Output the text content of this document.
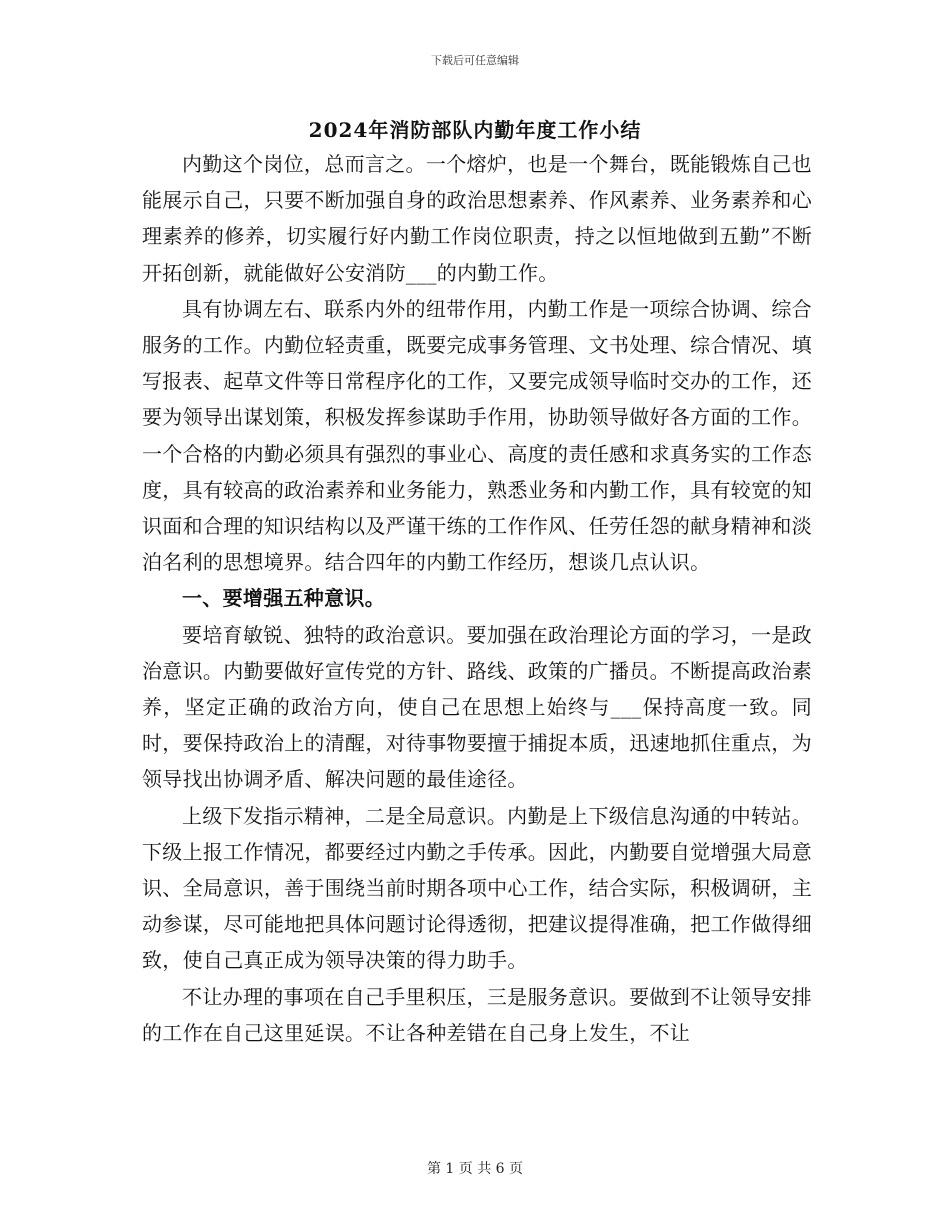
下载后可任意编辑
2024年消防部队内勤年度工作小结

内勤这个岗位，总而言之。一个熔炉，也是一个舞台，既能锻炼自己也能展示自己，只要不断加强自身的政治思想素养、作风素养、业务素养和心理素养的修养，切实履行好内勤工作岗位职责，持之以恒地做到五勤”不断开拓创新，就能做好公安消防___的内勤工作。

具有协调左右、联系内外的纽带作用，内勤工作是一项综合协调、综合服务的工作。内勤位轻责重，既要完成事务管理、文书处理、综合情况、填写报表、起草文件等日常程序化的工作，又要完成领导临时交办的工作，还要为领导出谋划策，积极发挥参谋助手作用，协助领导做好各方面的工作。一个合格的内勤必须具有强烈的事业心、高度的责任感和求真务实的工作态度，具有较高的政治素养和业务能力，熟悉业务和内勤工作，具有较宽的知识面和合理的知识结构以及严谨干练的工作作风、任劳任怨的献身精神和淡泊名利的思想境界。结合四年的内勤工作经历，想谈几点认识。

一、要增强五种意识。

要培育敏锐、独特的政治意识。要加强在政治理论方面的学习，一是政治意识。内勤要做好宣传党的方针、路线、政策的广播员。不断提高政治素养，坚定正确的政治方向，使自己在思想上始终与___保持高度一致。同时，要保持政治上的清醒，对待事物要擅于捕捉本质，迅速地抓住重点，为领导找出协调矛盾、解决问题的最佳途径。

上级下发指示精神，二是全局意识。内勤是上下级信息沟通的中转站。下级上报工作情况，都要经过内勤之手传承。因此，内勤要自觉增强大局意识、全局意识，善于围绕当前时期各项中心工作，结合实际，积极调研，主动参谋，尽可能地把具体问题讨论得透彻，把建议提得准确，把工作做得细致，使自己真正成为领导决策的得力助手。

不让办理的事项在自己手里积压，三是服务意识。要做到不让领导安排的工作在自己这里延误。不让各种差错在自己身上发生，不让

第 1 页 共 6 页
